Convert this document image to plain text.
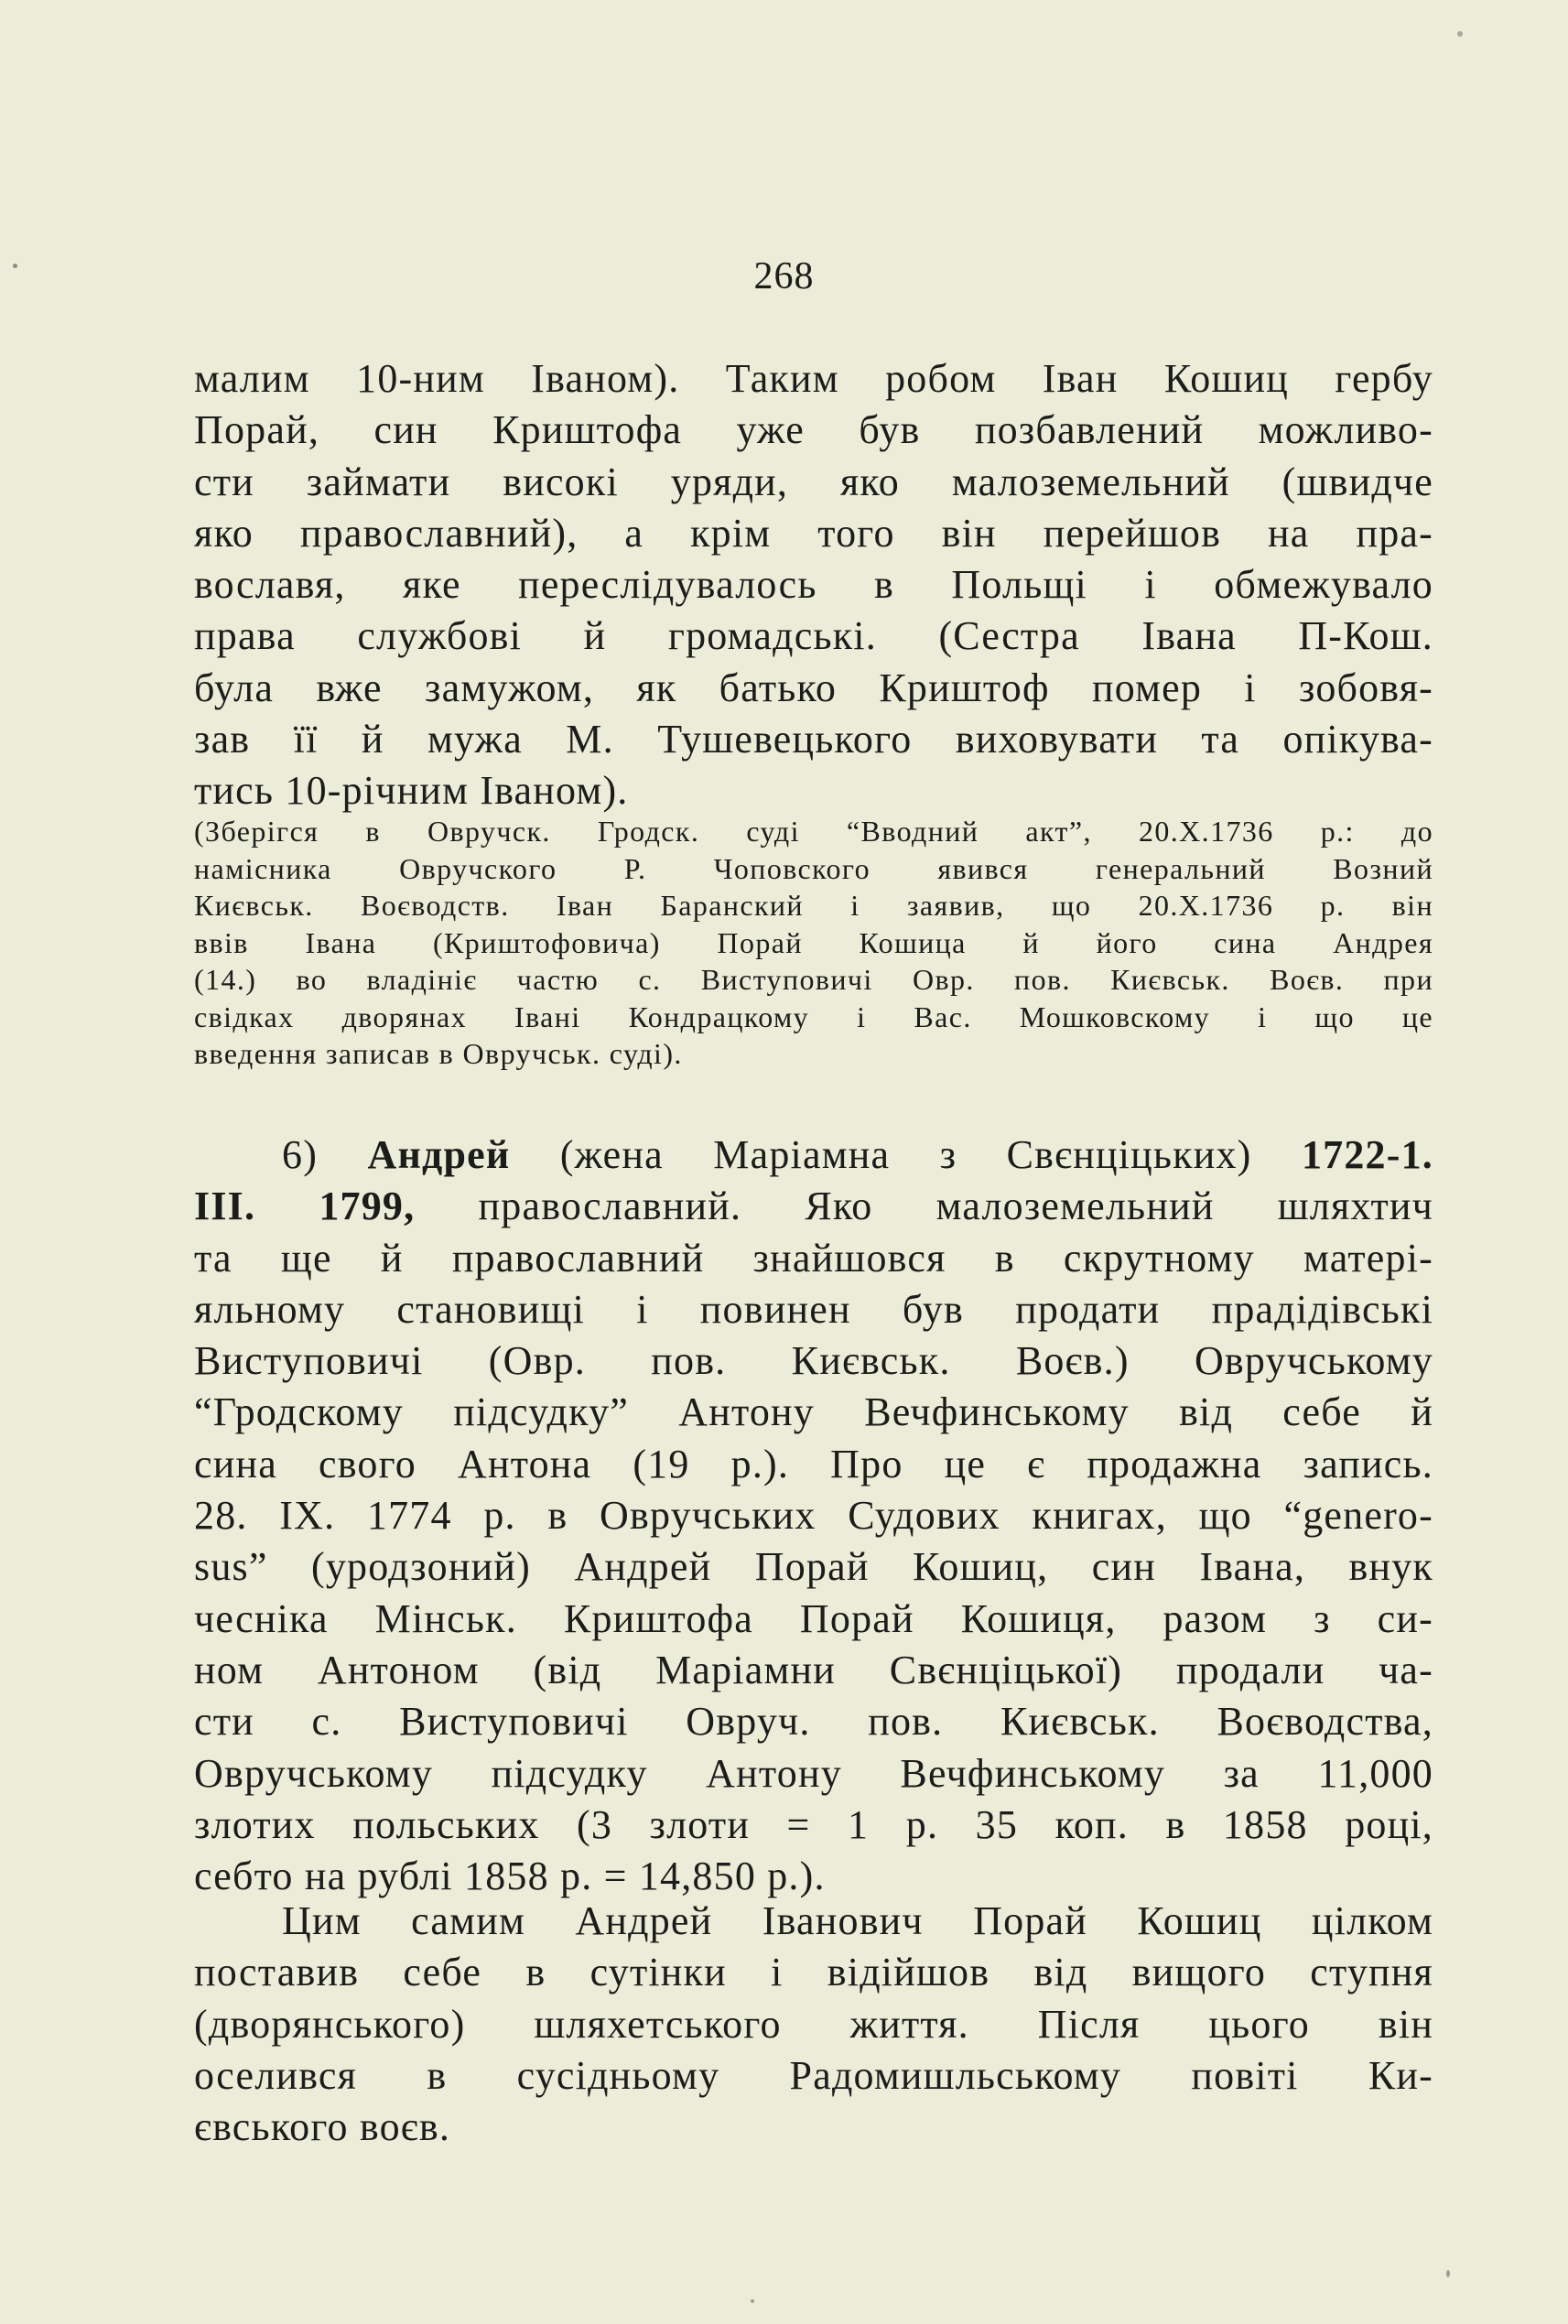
268
малим 10-ним Іваном). Таким робом Іван Кошиц гербу
Порай, син Криштофа уже був позбавлений можливо-
сти займати високі уряди, яко малоземельний (швидче
яко православний), а крім того він перейшов на пра-
вославя, яке переслідувалось в Польщі і обмежувало
права службові й громадські. (Сестра Івана П-Кош.
була вже замужом, як батько Криштоф помер і зобовя-
зав її й мужа М. Тушевецького виховувати та опікува-
тись 10-річним Іваном).
(Зберігся в Овручск. Гродск. суді “Вводний акт”, 20.Х.1736 р.: до
намісника Овручского Р. Чоповского явився генеральний Возний
Києвськ. Воєводств. Іван Баранский і заявив, що 20.Х.1736 р. він
ввів Івана (Криштофовича) Порай Кошица й його сина Андрея
(14.) во владініє частю с. Виступовичі Овр. пов. Києвськ. Воєв. при
свідках дворянах Івані Кондрацкому і Вас. Мошковскому і що це
введення записав в Овручськ. суді).
6) Андрей (жена Маріамна з Свєнціцьких) 1722-1.
ІІІ. 1799, православний. Яко малоземельний шляхтич
та ще й православний знайшовся в скрутному матері-
яльному становищі і повинен був продати прадідівські
Виступовичі (Овр. пов. Києвськ. Воєв.) Овручському
“Гродскому підсудку” Антону Вечфинському від себе й
сина свого Антона (19 р.). Про це є продажна запись.
28. IX. 1774 р. в Овручських Судових книгах, що “genero-
sus” (уродзоний) Андрей Порай Кошиц, син Івана, внук
чесніка Мінськ. Криштофа Порай Кошиця, разом з си-
ном Антоном (від Маріамни Свєнціцької) продали ча-
сти с. Виступовичі Овруч. пов. Києвськ. Воєводства,
Овручському підсудку Антону Вечфинському за 11,000
злотих польських (3 злоти = 1 р. 35 коп. в 1858 році,
себто на рублі 1858 р. = 14,850 р.).
Цим самим Андрей Іванович Порай Кошиц цілком
поставив себе в сутінки і відійшов від вищого ступня
(дворянського) шляхетського життя. Після цього він
оселився в сусідньому Радомишльському повіті Ки-
євського воєв.
